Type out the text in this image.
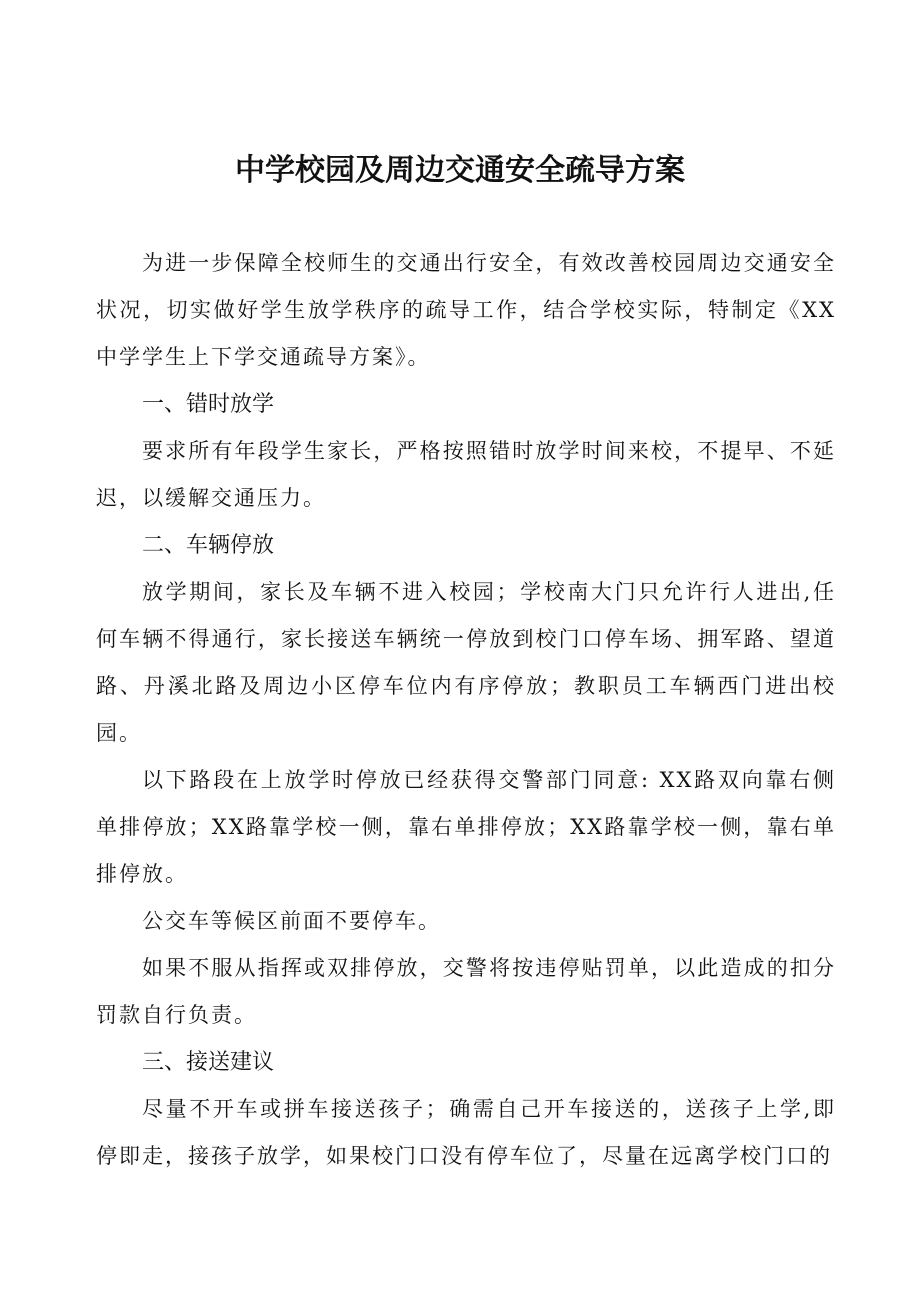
中学校园及周边交通安全疏导方案

为进一步保障全校师生的交通出行安全，有效改善校园周边交通安全状况，切实做好学生放学秩序的疏导工作，结合学校实际，特制定《XX中学学生上下学交通疏导方案》。

一、错时放学

要求所有年段学生家长，严格按照错时放学时间来校，不提早、不延迟，以缓解交通压力。

二、车辆停放

放学期间，家长及车辆不进入校园；学校南大门只允许行人进出,任何车辆不得通行，家长接送车辆统一停放到校门口停车场、拥军路、望道路、丹溪北路及周边小区停车位内有序停放；教职员工车辆西门进出校园。

以下路段在上放学时停放已经获得交警部门同意: XX路双向靠右侧单排停放；XX路靠学校一侧，靠右单排停放；XX路靠学校一侧，靠右单排停放。

公交车等候区前面不要停车。

如果不服从指挥或双排停放，交警将按违停贴罚单，以此造成的扣分罚款自行负责。

三、接送建议

尽量不开车或拼车接送孩子；确需自己开车接送的，送孩子上学,即停即走，接孩子放学，如果校门口没有停车位了，尽量在远离学校门口的
